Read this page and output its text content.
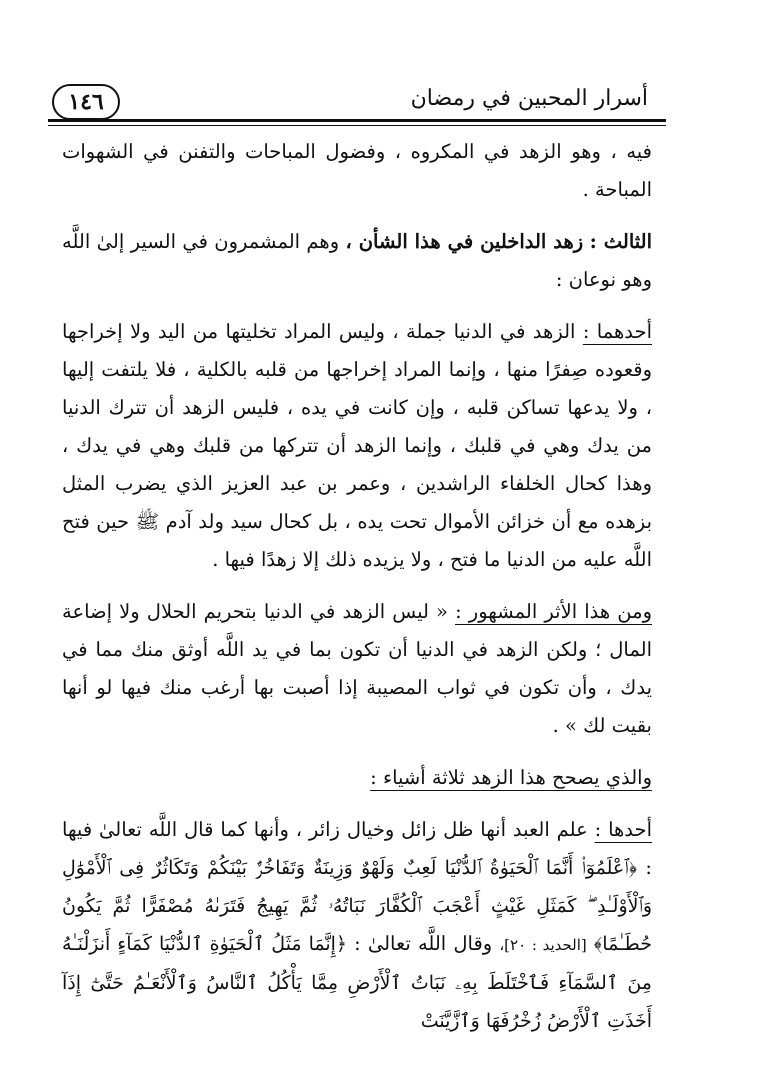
١٤٦	أسرار المحبين في رمضان

فيه ، وهو الزهد في المكروه ، وفضول المباحات والتفنن في الشهوات المباحة .

الثالث : زهد الداخلين في هذا الشأن ، وهم المشمرون في السير إلىٰ اللَّه وهو نوعان :

أحدهما : الزهد في الدنيا جملة ، وليس المراد تخليتها من اليد ولا إخراجها وقعوده صِفرًا منها ، وإنما المراد إخراجها من قلبه بالكلية ، فلا يلتفت إليها ، ولا يدعها تساكن قلبه ، وإن كانت في يده ، فليس الزهد أن تترك الدنيا من يدك وهي في قلبك ، وإنما الزهد أن تتركها من قلبك وهي في يدك ، وهذا كحال الخلفاء الراشدين ، وعمر بن عبد العزيز الذي يضرب المثل بزهده مع أن خزائن الأموال تحت يده ، بل كحال سيد ولد آدم ﷺ حين فتح اللَّه عليه من الدنيا ما فتح ، ولا يزيده ذلك إلا زهدًا فيها .

ومن هذا الأثر المشهور : « ليس الزهد في الدنيا بتحريم الحلال ولا إضاعة المال ؛ ولكن الزهد في الدنيا أن تكون بما في يد اللَّه أوثق منك مما في يدك ، وأن تكون في ثواب المصيبة إذا أصبت بها أرغب منك فيها لو أنها بقيت لك » .

والذي يصحح هذا الزهد ثلاثة أشياء :

أحدها : علم العبد أنها ظل زائل وخيال زائر ، وأنها كما قال اللَّه تعالىٰ فيها : ﴿ٱعْلَمُوٓا۟ أَنَّمَا ٱلْحَيَوٰةُ ٱلدُّنْيَا لَعِبٌ وَلَهْوٌ وَزِينَةٌ وَتَفَاخُرٌۢ بَيْنَكُمْ وَتَكَاثُرٌ فِى ٱلْأَمْوَٰلِ وَٱلْأَوْلَـٰدِ ۖ كَمَثَلِ غَيْثٍ أَعْجَبَ ٱلْكُفَّارَ نَبَاتُهُۥ ثُمَّ يَهِيجُ فَتَرَىٰهُ مُصْفَرًّا ثُمَّ يَكُونُ حُطَـٰمًا﴾ [الحديد : ٢٠]، وقال اللَّه تعالىٰ : ﴿إِنَّمَا مَثَلُ ٱلْحَيَوٰةِ ٱلدُّنْيَا كَمَآءٍ أَنزَلْنَـٰهُ مِنَ ٱلسَّمَآءِ فَٱخْتَلَطَ بِهِۦ نَبَاتُ ٱلْأَرْضِ مِمَّا يَأْكُلُ ٱلنَّاسُ وَٱلْأَنْعَـٰمُ حَتَّىٰٓ إِذَآ أَخَذَتِ ٱلْأَرْضُ زُخْرُفَهَا وَٱزَّيَّنَتْ
